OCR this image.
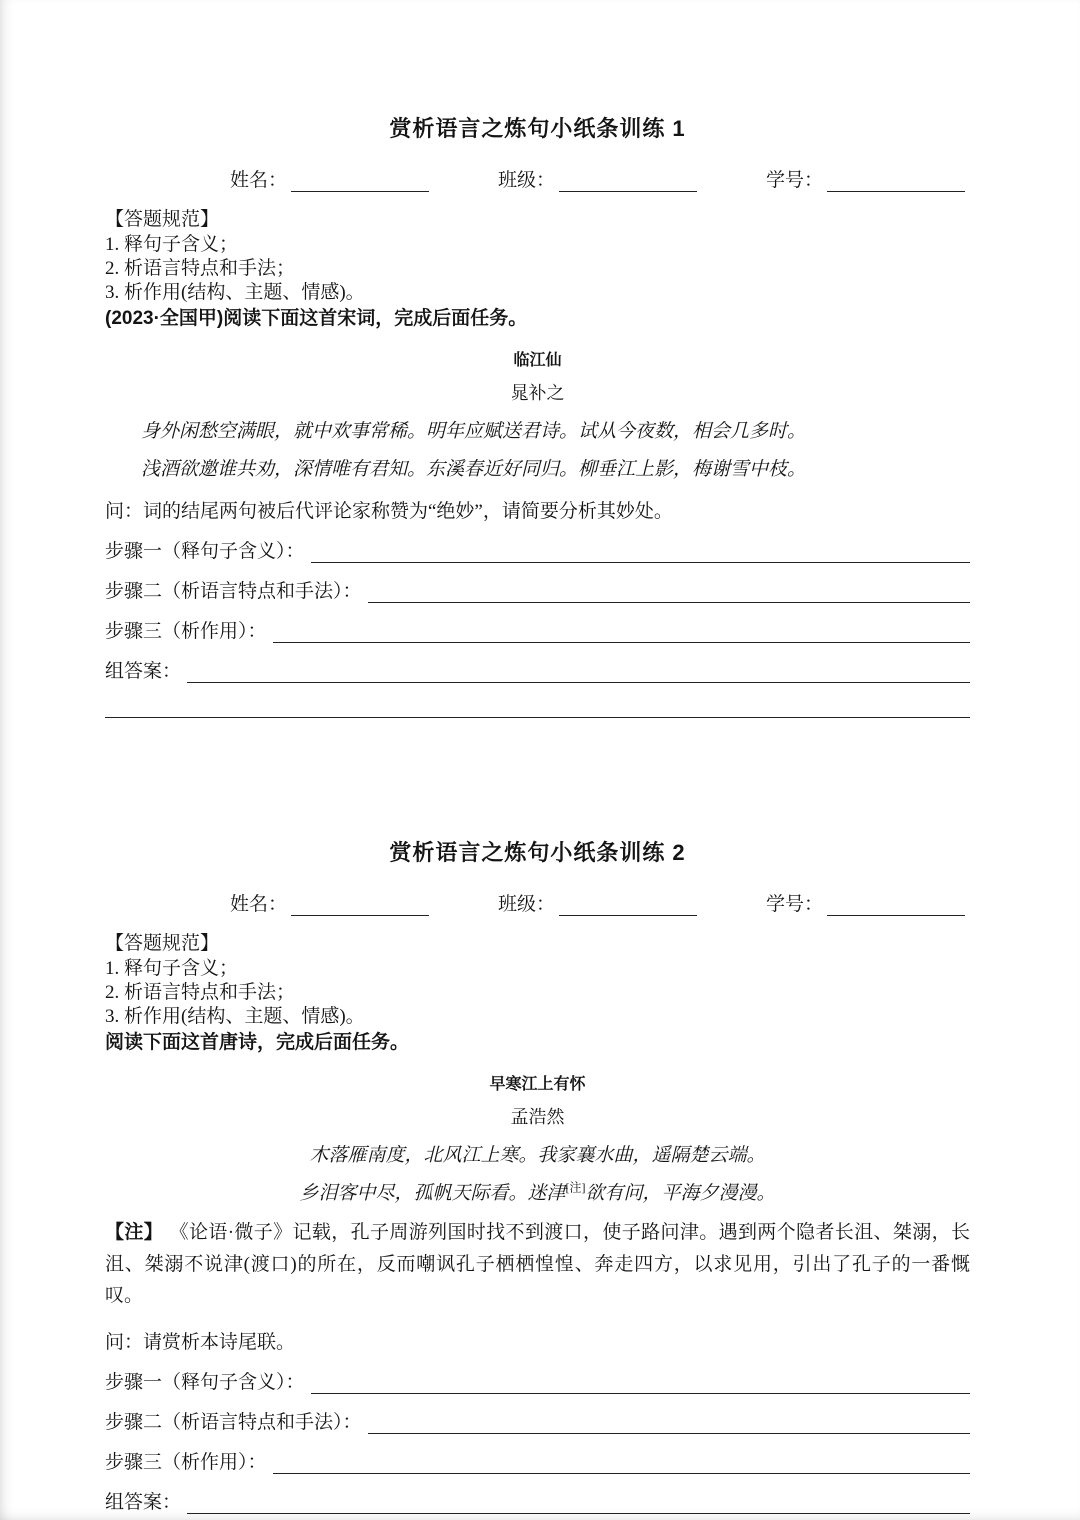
赏析语言之炼句小纸条训练 1
姓名：	班级：	学号：
【答题规范】
1. 释句子含义；
2. 析语言特点和手法；
3. 析作用(结构、主题、情感)。
(2023·全国甲)阅读下面这首宋词，完成后面任务。
临江仙
晁补之
身外闲愁空满眼，就中欢事常稀。明年应赋送君诗。试从今夜数，相会几多时。
浅酒欲邀谁共劝，深情唯有君知。东溪春近好同归。柳垂江上影，梅谢雪中枝。
问：词的结尾两句被后代评论家称赞为“绝妙”，请简要分析其妙处。
步骤一（释句子含义）：
步骤二（析语言特点和手法）：
步骤三（析作用）：
组答案：
赏析语言之炼句小纸条训练 2
姓名：	班级：	学号：
【答题规范】
1. 释句子含义；
2. 析语言特点和手法；
3. 析作用(结构、主题、情感)。
阅读下面这首唐诗，完成后面任务。
早寒江上有怀
孟浩然
木落雁南度，北风江上寒。我家襄水曲，遥隔楚云端。
乡泪客中尽，孤帆天际看。迷津[注]欲有问，平海夕漫漫。

【注】 《论语·微子》记载，孔子周游列国时找不到渡口，使子路问津。遇到两个隐者长沮、桀溺，长沮、桀溺不说津(渡口)的所在，反而嘲讽孔子栖栖惶惶、奔走四方，以求见用，引出了孔子的一番慨叹。

问：请赏析本诗尾联。
步骤一（释句子含义）：
步骤二（析语言特点和手法）：
步骤三（析作用）：
组答案：
